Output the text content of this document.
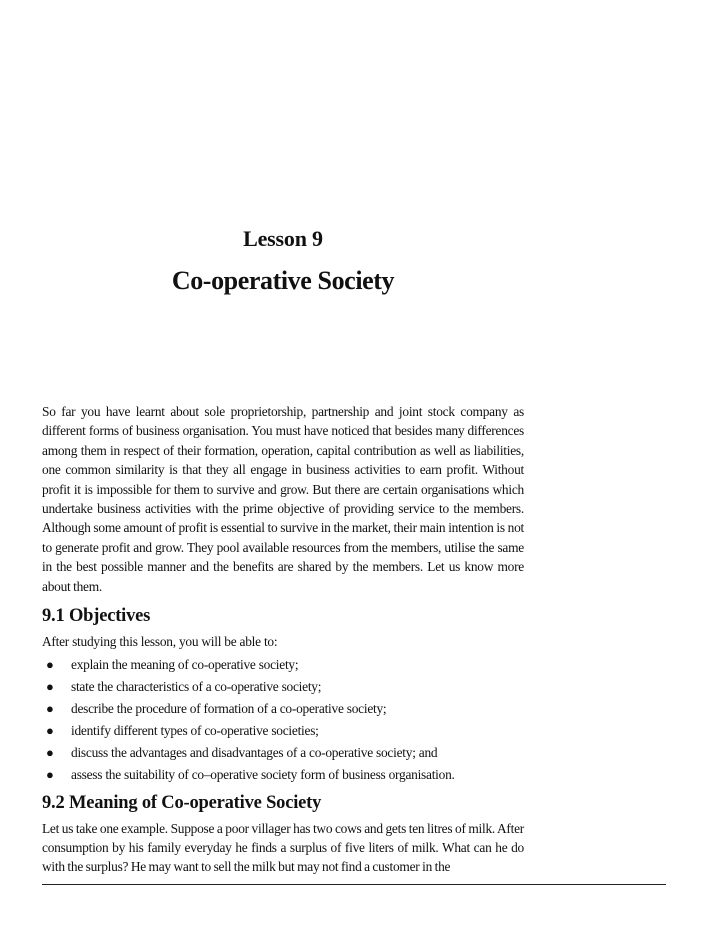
Lesson 9
Co-operative Society

So far you have learnt about sole proprietorship, partnership and joint stock company as different forms of business organisation. You must have noticed that besides many differences among them in respect of their formation, operation, capital contribution as well as liabilities, one common similarity is that they all engage in business activities to earn profit. Without profit it is impossible for them to survive and grow. But there are certain organisations which undertake business activities with the prime objective of providing service to the members. Although some amount of profit is essential to survive in the market, their main intention is not to generate profit and grow. They pool available resources from the members, utilise the same in the best possible manner and the benefits are shared by the members. Let us know more about them.

9.1 Objectives

After studying this lesson, you will be able to:

● explain the meaning of co-operative society;
● state the characteristics of a co-operative society;
● describe the procedure of formation of a co-operative society;
● identify different types of co-operative societies;
● discuss the advantages and disadvantages of a co-operative society; and
● assess the suitability of co–operative society form of business organisation.
9.2 Meaning of Co-operative Society

Let us take one example. Suppose a poor villager has two cows and gets ten litres of milk. After consumption by his family everyday he finds a surplus of five liters of milk. What can he do with the surplus? He may want to sell the milk but may not find a customer in the
